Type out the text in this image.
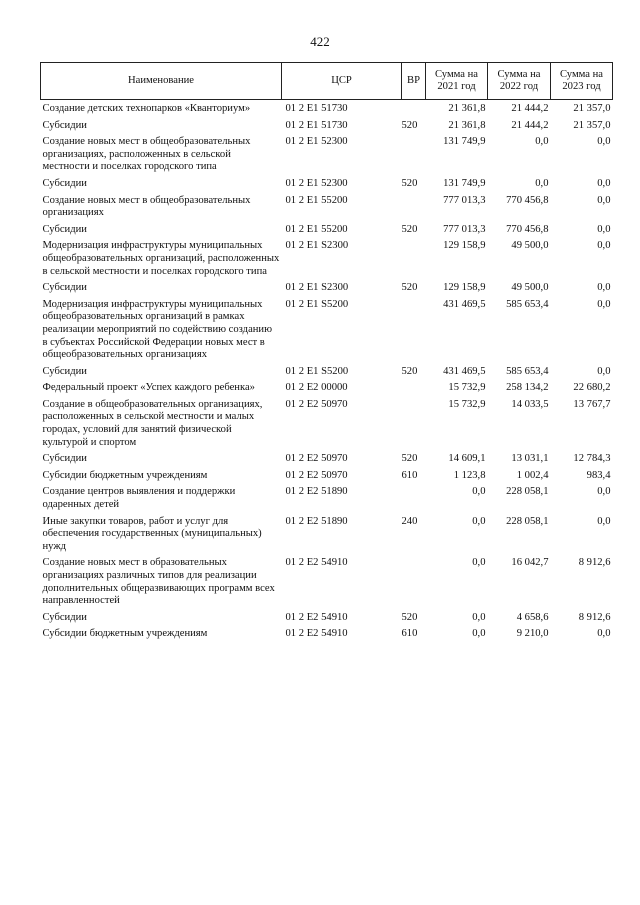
422
Наименование	ЦСР	ВР	Сумма на 2021 год	Сумма на 2022 год	Сумма на 2023 год
Создание детских технопарков «Кванториум»	01 2 E1 51730		21 361,8	21 444,2	21 357,0
Субсидии	01 2 E1 51730	520	21 361,8	21 444,2	21 357,0
Создание новых мест в общеобразовательных организациях, расположенных в сельской местности и поселках городского типа	01 2 E1 52300		131 749,9	0,0	0,0
Субсидии	01 2 E1 52300	520	131 749,9	0,0	0,0
Создание новых мест в общеобразовательных организациях	01 2 E1 55200		777 013,3	770 456,8	0,0
Субсидии	01 2 E1 55200	520	777 013,3	770 456,8	0,0
Модернизация инфраструктуры муниципальных общеобразовательных организаций, расположенных в сельской местности и поселках городского типа	01 2 E1 S2300		129 158,9	49 500,0	0,0
Субсидии	01 2 E1 S2300	520	129 158,9	49 500,0	0,0
Модернизация инфраструктуры муниципальных общеобразовательных организаций в рамках реализации мероприятий по содействию созданию в субъектах Российской Федерации новых мест в общеобразовательных организациях	01 2 E1 S5200		431 469,5	585 653,4	0,0
Субсидии	01 2 E1 S5200	520	431 469,5	585 653,4	0,0
Федеральный проект «Успех каждого ребенка»	01 2 E2 00000		15 732,9	258 134,2	22 680,2
Создание в общеобразовательных организациях, расположенных в сельской местности и малых городах, условий для занятий физической культурой и спортом	01 2 E2 50970		15 732,9	14 033,5	13 767,7
Субсидии	01 2 E2 50970	520	14 609,1	13 031,1	12 784,3
Субсидии бюджетным учреждениям	01 2 E2 50970	610	1 123,8	1 002,4	983,4
Создание центров выявления и поддержки одаренных детей	01 2 E2 51890		0,0	228 058,1	0,0
Иные закупки товаров, работ и услуг для обеспечения государственных (муниципальных) нужд	01 2 E2 51890	240	0,0	228 058,1	0,0
Создание новых мест в образовательных организациях различных типов для реализации дополнительных общеразвивающих программ всех направленностей	01 2 E2 54910		0,0	16 042,7	8 912,6
Субсидии	01 2 E2 54910	520	0,0	4 658,6	8 912,6
Субсидии бюджетным учреждениям	01 2 E2 54910	610	0,0	9 210,0	0,0
